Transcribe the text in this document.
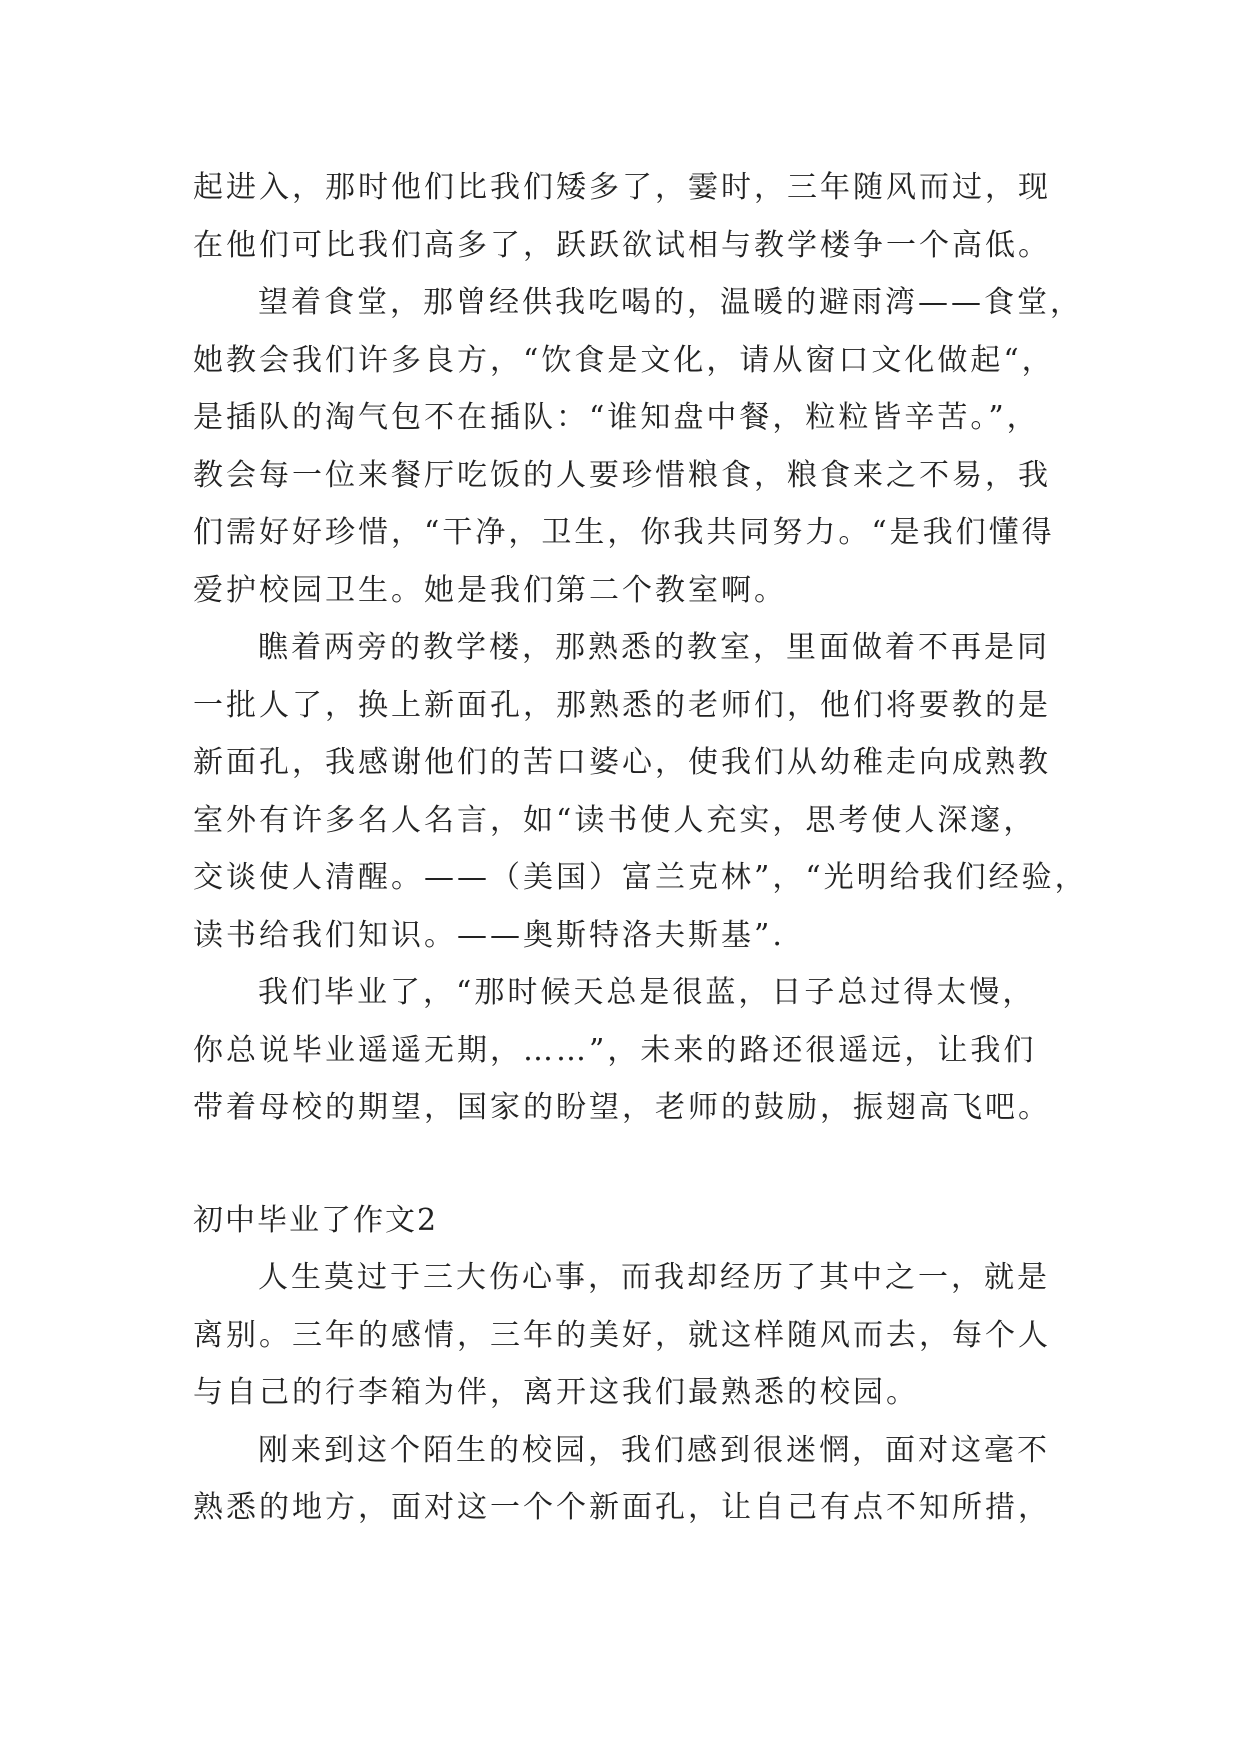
起进入，那时他们比我们矮多了，霎时，三年随风而过，现
在他们可比我们高多了，跃跃欲试相与教学楼争一个高低。
望着食堂，那曾经供我吃喝的，温暖的避雨湾——食堂，
她教会我们许多良方，“饮食是文化，请从窗口文化做起“，
是插队的淘气包不在插队：“谁知盘中餐，粒粒皆辛苦。”，
教会每一位来餐厅吃饭的人要珍惜粮食，粮食来之不易，我
们需好好珍惜，“干净，卫生，你我共同努力。“是我们懂得
爱护校园卫生。她是我们第二个教室啊。
瞧着两旁的教学楼，那熟悉的教室，里面做着不再是同
一批人了，换上新面孔，那熟悉的老师们，他们将要教的是
新面孔，我感谢他们的苦口婆心，使我们从幼稚走向成熟教
室外有许多名人名言，如“读书使人充实，思考使人深邃，
交谈使人清醒。——（美国）富兰克林”，“光明给我们经验，
读书给我们知识。——奥斯特洛夫斯基”.
我们毕业了，“那时候天总是很蓝，日子总过得太慢，
你总说毕业遥遥无期，……”，未来的路还很遥远，让我们
带着母校的期望，国家的盼望，老师的鼓励，振翅高飞吧。
初中毕业了作文2
人生莫过于三大伤心事，而我却经历了其中之一，就是
离别。三年的感情，三年的美好，就这样随风而去，每个人
与自己的行李箱为伴，离开这我们最熟悉的校园。
刚来到这个陌生的校园，我们感到很迷惘，面对这毫不
熟悉的地方，面对这一个个新面孔，让自己有点不知所措，
